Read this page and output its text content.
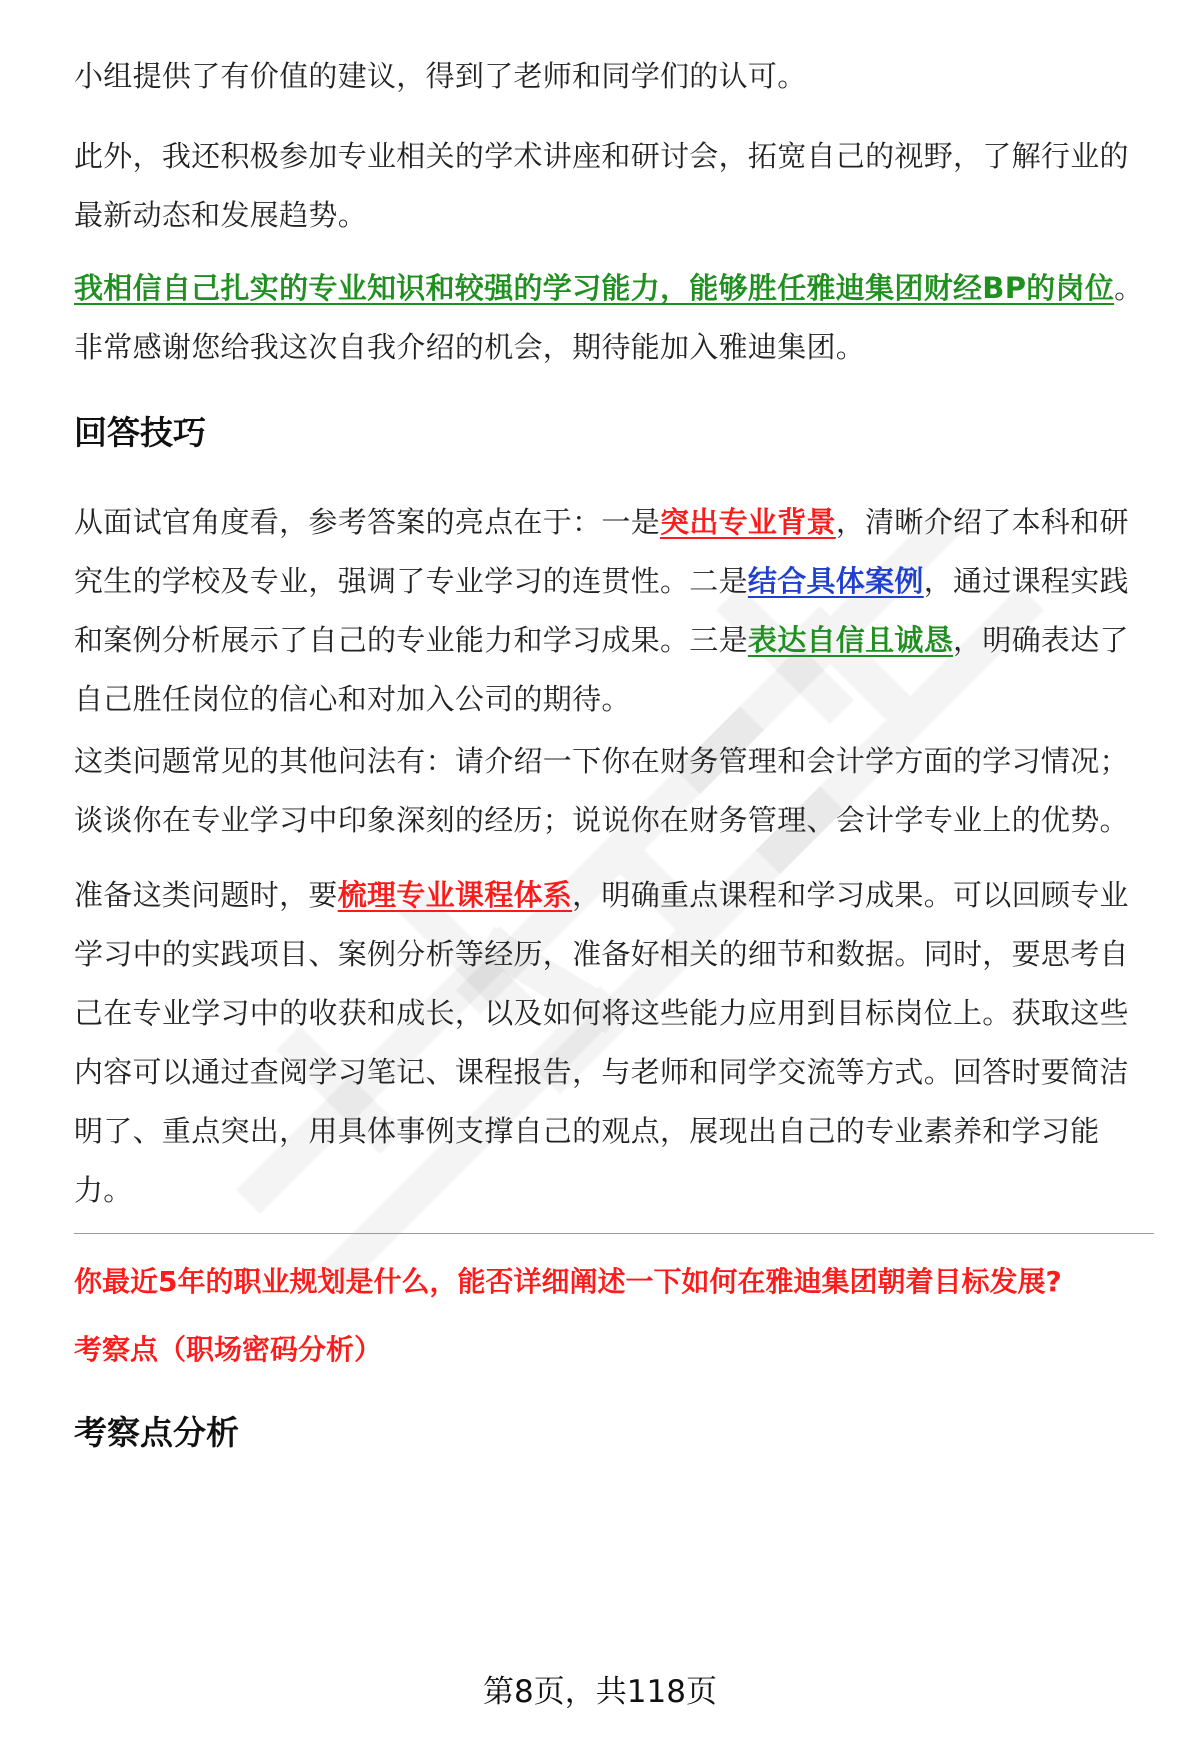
小组提供了有价值的建议，得到了老师和同学们的认可。

此外，我还积极参加专业相关的学术讲座和研讨会，拓宽自己的视野，了解行业的最新动态和发展趋势。

我相信自己扎实的专业知识和较强的学习能力，能够胜任雅迪集团财经BP的岗位。非常感谢您给我这次自我介绍的机会，期待能加入雅迪集团。

回答技巧

从面试官角度看，参考答案的亮点在于：一是突出专业背景，清晰介绍了本科和研究生的学校及专业，强调了专业学习的连贯性。二是结合具体案例，通过课程实践和案例分析展示了自己的专业能力和学习成果。三是表达自信且诚恳，明确表达了自己胜任岗位的信心和对加入公司的期待。

这类问题常见的其他问法有：请介绍一下你在财务管理和会计学方面的学习情况；谈谈你在专业学习中印象深刻的经历；说说你在财务管理、会计学专业上的优势。

准备这类问题时，要梳理专业课程体系，明确重点课程和学习成果。可以回顾专业学习中的实践项目、案例分析等经历，准备好相关的细节和数据。同时，要思考自己在专业学习中的收获和成长，以及如何将这些能力应用到目标岗位上。获取这些内容可以通过查阅学习笔记、课程报告，与老师和同学交流等方式。回答时要简洁明了、重点突出，用具体事例支撑自己的观点，展现出自己的专业素养和学习能力。

你最近5年的职业规划是什么，能否详细阐述一下如何在雅迪集团朝着目标发展?
考察点（职场密码分析）
考察点分析
第8页，共118页
